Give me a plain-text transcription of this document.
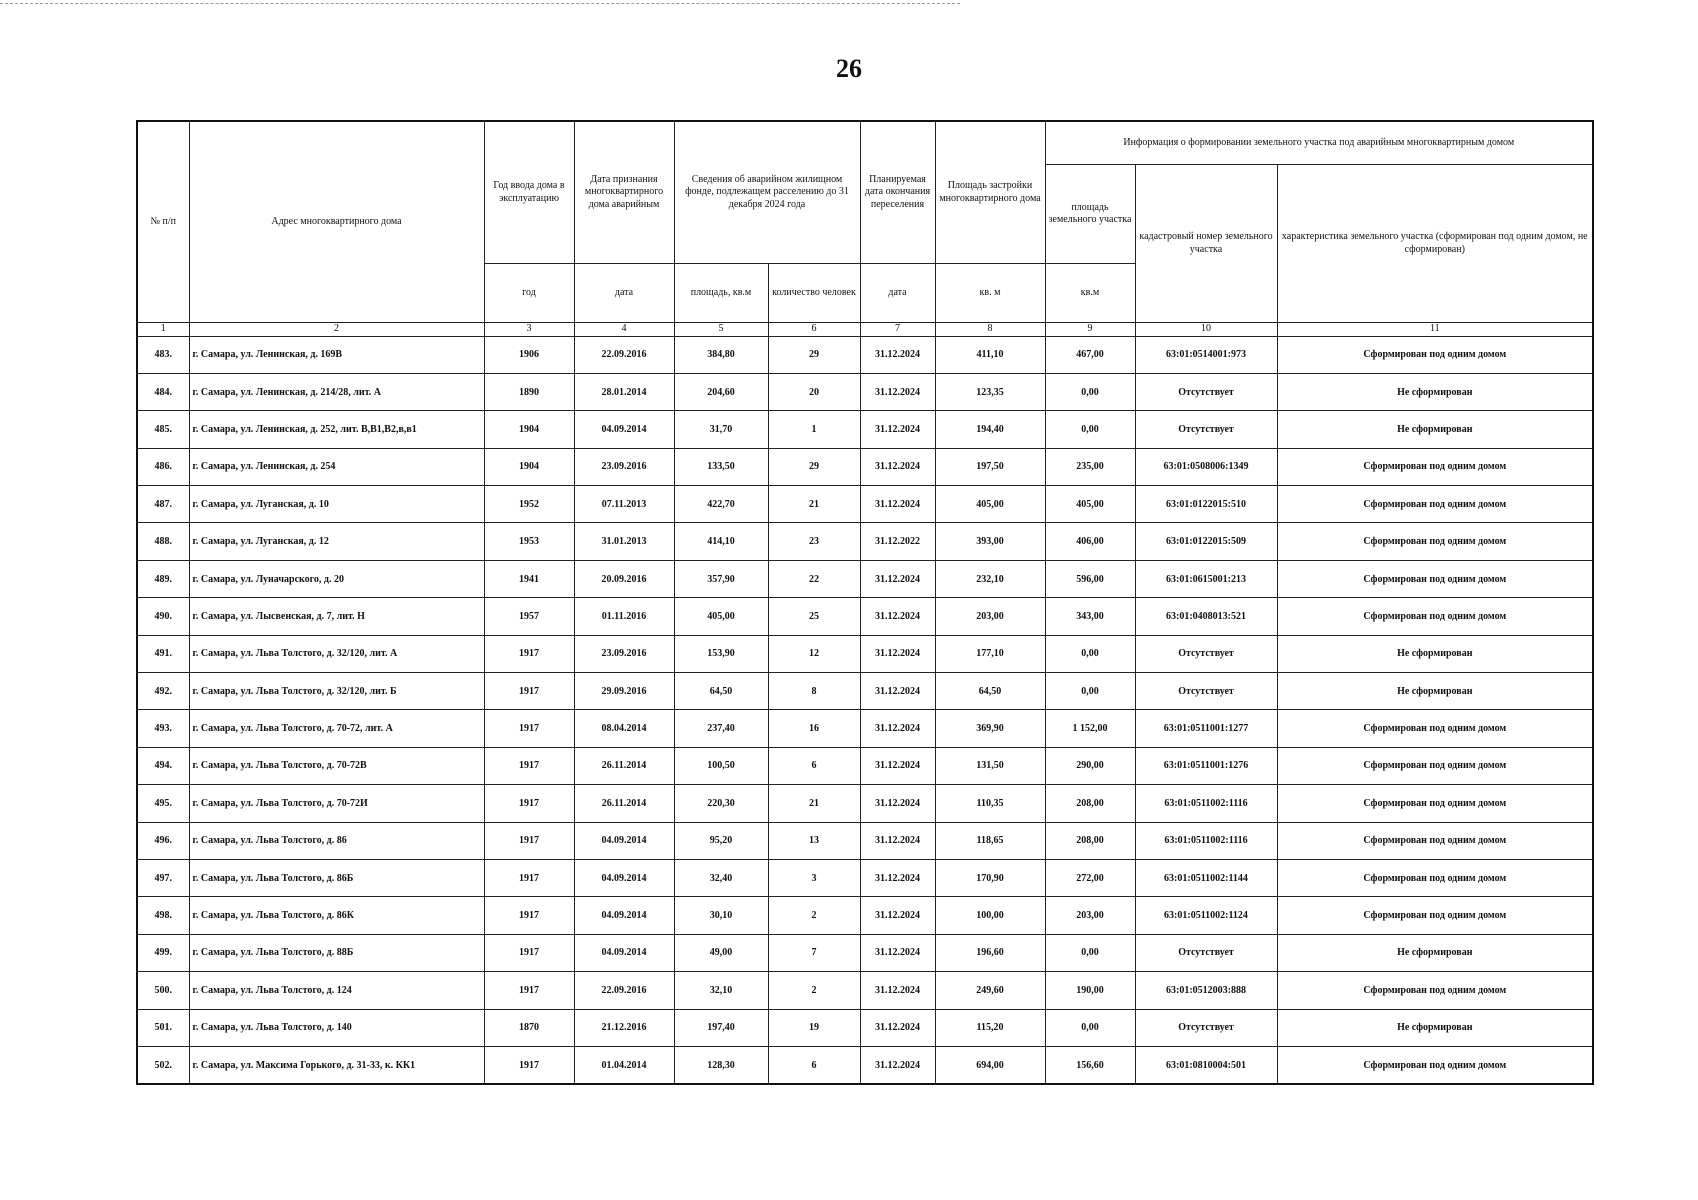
26
№ п/п	Адрес многоквартирного дома	Год ввода дома в эксплуатацию	Дата признания многоквартирного дома аварийным	Сведения об аварийном жилищном фонде, подлежащем расселению до 31 декабря 2024 года		Планируемая дата окончания переселения	Площадь застройки многоквартирного дома	Информация о формировании земельного участка под аварийным многоквартирным домом		
								площадь земельного участка	кадастровый номер земельного участка	характеристика земельного участка (сформирован под одним домом, не сформирован)
		год	дата	площадь, кв.м	количество человек	дата	кв. м	кв.м		
1	2	3	4	5	6	7	8	9	10	11
483.	г. Самара, ул. Ленинская, д. 169В	1906	22.09.2016	384,80	29	31.12.2024	411,10	467,00	63:01:0514001:973	Сформирован под одним домом
484.	г. Самара, ул. Ленинская, д. 214/28, лит. А	1890	28.01.2014	204,60	20	31.12.2024	123,35	0,00	Отсутствует	Не сформирован
485.	г. Самара, ул. Ленинская, д. 252, лит. В,В1,В2,в,в1	1904	04.09.2014	31,70	1	31.12.2024	194,40	0,00	Отсутствует	Не сформирован
486.	г. Самара, ул. Ленинская, д. 254	1904	23.09.2016	133,50	29	31.12.2024	197,50	235,00	63:01:0508006:1349	Сформирован под одним домом
487.	г. Самара, ул. Луганская, д. 10	1952	07.11.2013	422,70	21	31.12.2024	405,00	405,00	63:01:0122015:510	Сформирован под одним домом
488.	г. Самара, ул. Луганская, д. 12	1953	31.01.2013	414,10	23	31.12.2022	393,00	406,00	63:01:0122015:509	Сформирован под одним домом
489.	г. Самара, ул. Луначарского, д. 20	1941	20.09.2016	357,90	22	31.12.2024	232,10	596,00	63:01:0615001:213	Сформирован под одним домом
490.	г. Самара, ул. Лысвенская, д. 7, лит. Н	1957	01.11.2016	405,00	25	31.12.2024	203,00	343,00	63:01:0408013:521	Сформирован под одним домом
491.	г. Самара, ул. Льва Толстого, д. 32/120, лит. А	1917	23.09.2016	153,90	12	31.12.2024	177,10	0,00	Отсутствует	Не сформирован
492.	г. Самара, ул. Льва Толстого, д. 32/120, лит. Б	1917	29.09.2016	64,50	8	31.12.2024	64,50	0,00	Отсутствует	Не сформирован
493.	г. Самара, ул. Льва Толстого, д. 70-72, лит. А	1917	08.04.2014	237,40	16	31.12.2024	369,90	1 152,00	63:01:0511001:1277	Сформирован под одним домом
494.	г. Самара, ул. Льва Толстого, д. 70-72В	1917	26.11.2014	100,50	6	31.12.2024	131,50	290,00	63:01:0511001:1276	Сформирован под одним домом
495.	г. Самара, ул. Льва Толстого, д. 70-72И	1917	26.11.2014	220,30	21	31.12.2024	110,35	208,00	63:01:0511002:1116	Сформирован под одним домом
496.	г. Самара, ул. Льва Толстого, д. 86	1917	04.09.2014	95,20	13	31.12.2024	118,65	208,00	63:01:0511002:1116	Сформирован под одним домом
497.	г. Самара, ул. Льва Толстого, д. 86Б	1917	04.09.2014	32,40	3	31.12.2024	170,90	272,00	63:01:0511002:1144	Сформирован под одним домом
498.	г. Самара, ул. Льва Толстого, д. 86К	1917	04.09.2014	30,10	2	31.12.2024	100,00	203,00	63:01:0511002:1124	Сформирован под одним домом
499.	г. Самара, ул. Льва Толстого, д. 88Б	1917	04.09.2014	49,00	7	31.12.2024	196,60	0,00	Отсутствует	Не сформирован
500.	г. Самара, ул. Льва Толстого, д. 124	1917	22.09.2016	32,10	2	31.12.2024	249,60	190,00	63:01:0512003:888	Сформирован под одним домом
501.	г. Самара, ул. Льва Толстого, д. 140	1870	21.12.2016	197,40	19	31.12.2024	115,20	0,00	Отсутствует	Не сформирован
502.	г. Самара, ул. Максима Горького, д. 31-33, к. КК1	1917	01.04.2014	128,30	6	31.12.2024	694,00	156,60	63:01:0810004:501	Сформирован под одним домом
